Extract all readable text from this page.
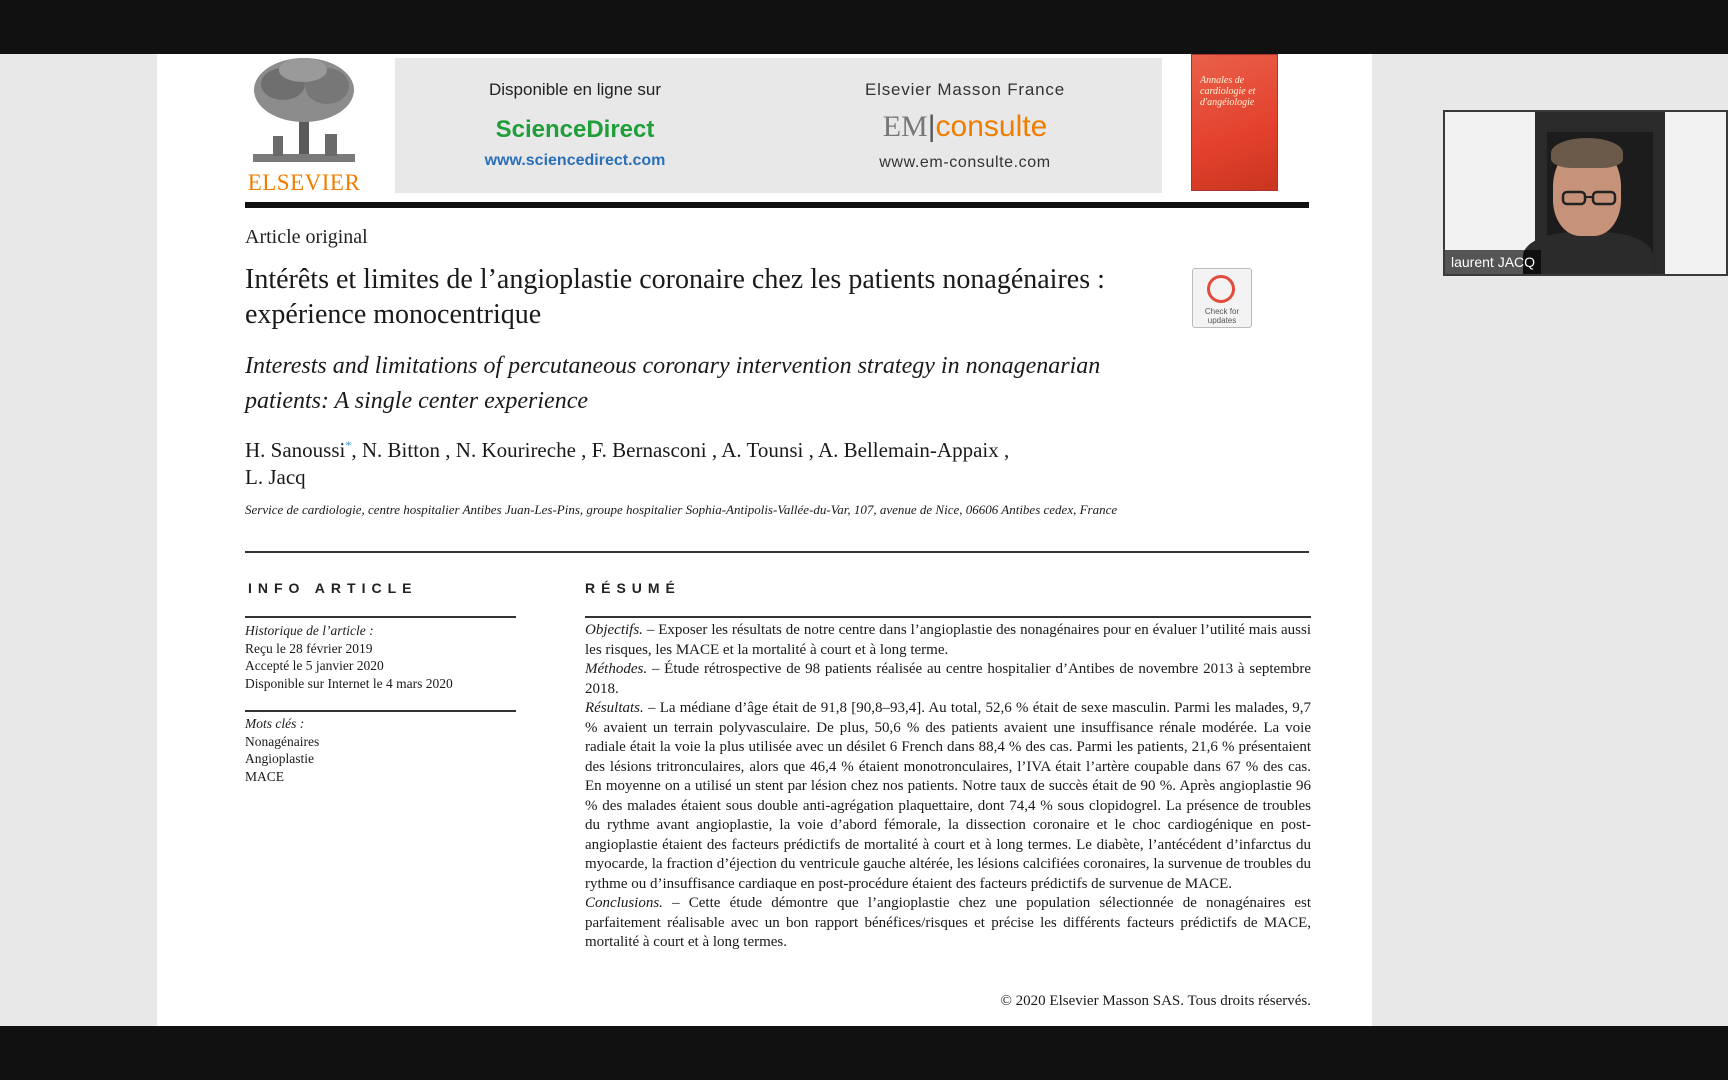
ELSEVIER
Disponible en ligne sur
ScienceDirect
www.sciencedirect.com
Elsevier Masson France
EM|consulte
www.em-consulte.com
Annales de cardiologie et d'angéiologie
Article original
Intérêts et limites de l’angioplastie coronaire chez les patients nonagénaires : expérience monocentrique	Check for updates
Interests and limitations of percutaneous coronary intervention strategy in nonagenarian patients: A single center experience
H. Sanoussi*, N. Bitton , N. Kourireche , F. Bernasconi , A. Tounsi , A. Bellemain-Appaix ,
L. Jacq
Service de cardiologie, centre hospitalier Antibes Juan-Les-Pins, groupe hospitalier Sophia-Antipolis-Vallée-du-Var, 107, avenue de Nice, 06606 Antibes cedex, France
INFO ARTICLE
Historique de l’article :
Reçu le 28 février 2019
Accepté le 5 janvier 2020
Disponible sur Internet le 4 mars 2020
Mots clés :
Nonagénaires
Angioplastie
MACE
RÉSUMÉ

Objectifs. – Exposer les résultats de notre centre dans l’angioplastie des nonagénaires pour en évaluer l’utilité mais aussi les risques, les MACE et la mortalité à court et à long terme.

Méthodes. – Étude rétrospective de 98 patients réalisée au centre hospitalier d’Antibes de novembre 2013 à septembre 2018.

Résultats. – La médiane d’âge était de 91,8 [90,8–93,4]. Au total, 52,6 % était de sexe masculin. Parmi les malades, 9,7 % avaient un terrain polyvasculaire. De plus, 50,6 % des patients avaient une insuffisance rénale modérée. La voie radiale était la voie la plus utilisée avec un désilet 6 French dans 88,4 % des cas. Parmi les patients, 21,6 % présentaient des lésions tritronculaires, alors que 46,4 % étaient monotronculaires, l’IVA était l’artère coupable dans 67 % des cas. En moyenne on a utilisé un stent par lésion chez nos patients. Notre taux de succès était de 90 %. Après angioplastie 96 % des malades étaient sous double anti-agrégation plaquettaire, dont 74,4 % sous clopidogrel. La présence de troubles du rythme avant angioplastie, la voie d’abord fémorale, la dissection coronaire et le choc cardiogénique en post-angioplastie étaient des facteurs prédictifs de mortalité à court et à long termes. Le diabète, l’antécédent d’infarctus du myocarde, la fraction d’éjection du ventricule gauche altérée, les lésions calcifiées coronaires, la survenue de troubles du rythme ou d’insuffisance cardiaque en post-procédure étaient des facteurs prédictifs de survenue de MACE.

Conclusions. – Cette étude démontre que l’angioplastie chez une population sélectionnée de nonagénaires est parfaitement réalisable avec un bon rapport bénéfices/risques et précise les différents facteurs prédictifs de MACE, mortalité à court et à long termes.

© 2020 Elsevier Masson SAS. Tous droits réservés.
laurent JACQ
